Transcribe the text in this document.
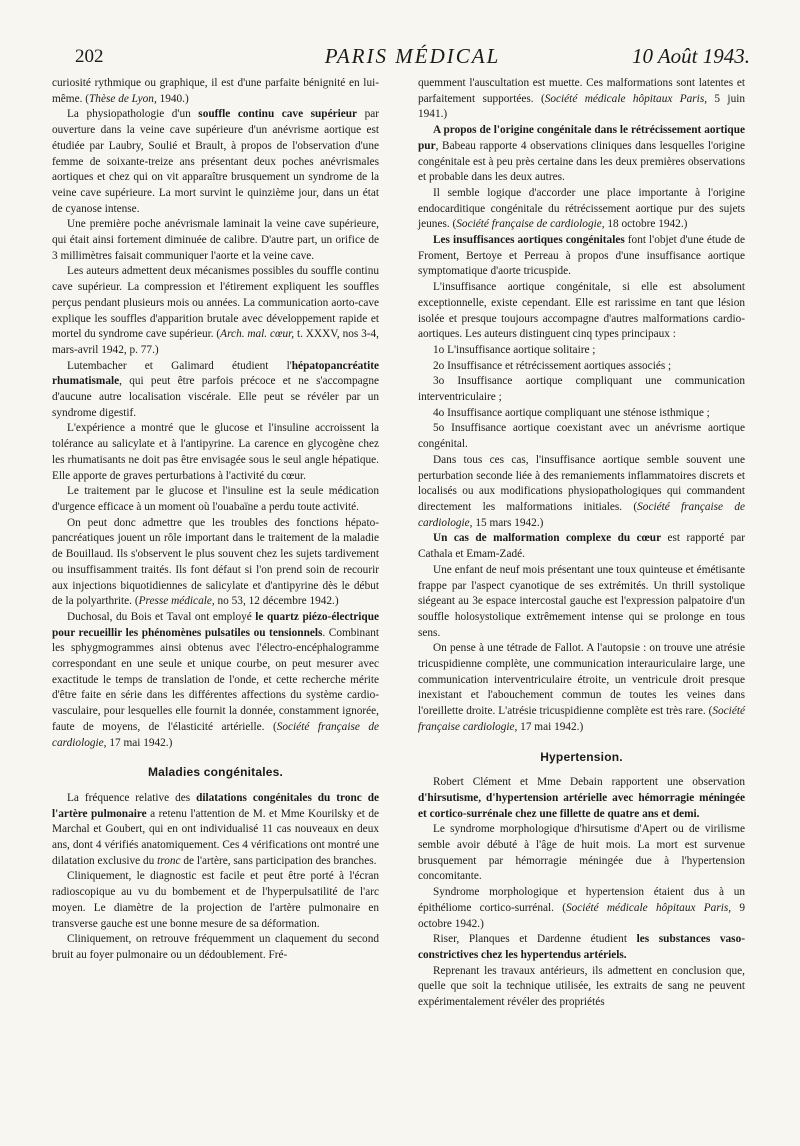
202	PARIS MÉDICAL	10 Août 1943.

curiosité rythmique ou graphique, il est d'une parfaite bénignité en lui-même. (Thèse de Lyon, 1940.)

La physiopathologie d'un souffle continu cave supérieur par ouverture dans la veine cave supérieure d'un anévrisme aortique est étudiée par Laubry, Soulié et Brault, à propos de l'observation d'une femme de soixante-treize ans présentant deux poches anévrismales aortiques et chez qui on vit apparaître brusquement un syndrome de la veine cave supérieure. La mort survint le quinzième jour, dans un état de cyanose intense.

Une première poche anévrismale laminait la veine cave supérieure, qui était ainsi fortement diminuée de calibre. D'autre part, un orifice de 3 millimètres faisait communiquer l'aorte et la veine cave.

Les auteurs admettent deux mécanismes possibles du souffle continu cave supérieur. La compression et l'étirement expliquent les souffles perçus pendant plusieurs mois ou années. La communication aorto-cave explique les souffles d'apparition brutale avec développement rapide et mortel du syndrome cave supérieur. (Arch. mal. cœur, t. XXXV, nos 3-4, mars-avril 1942, p. 77.)

Lutembacher et Galimard étudient l'hépatopancréatite rhumatismale, qui peut être parfois précoce et ne s'accompagne d'aucune autre localisation viscérale. Elle peut se révéler par un syndrome digestif.

L'expérience a montré que le glucose et l'insuline accroissent la tolérance au salicylate et à l'antipyrine. La carence en glycogène chez les rhumatisants ne doit pas être envisagée sous le seul angle hépatique. Elle apporte de graves perturbations à l'activité du cœur.

Le traitement par le glucose et l'insuline est la seule médication d'urgence efficace à un moment où l'ouabaïne a perdu toute activité.

On peut donc admettre que les troubles des fonctions hépato-pancréatiques jouent un rôle important dans le traitement de la maladie de Bouillaud. Ils s'observent le plus souvent chez les sujets tardivement ou insuffisamment traités. Ils font défaut si l'on prend soin de recourir aux injections biquotidiennes de salicylate et d'antipyrine dès le début de la polyarthrite. (Presse médicale, no 53, 12 décembre 1942.)

Duchosal, du Bois et Taval ont employé le quartz piézo-électrique pour recueillir les phénomènes pulsatiles ou tensionnels. Combinant les sphygmogrammes ainsi obtenus avec l'électro-encéphalogramme correspondant en une seule et unique courbe, on peut mesurer avec exactitude le temps de translation de l'onde, et cette recherche mérite d'être faite en série dans les différentes affections du système cardio-vasculaire, pour lesquelles elle fournit la donnée, constamment ignorée, faute de moyens, de l'élasticité artérielle. (Société française de cardiologie, 17 mai 1942.)

Maladies congénitales.

La fréquence relative des dilatations congénitales du tronc de l'artère pulmonaire a retenu l'attention de M. et Mme Kourilsky et de Marchal et Goubert, qui en ont individualisé 11 cas nouveaux en deux ans, dont 4 vérifiés anatomiquement. Ces 4 vérifications ont montré une dilatation exclusive du tronc de l'artère, sans participation des branches.

Cliniquement, le diagnostic est facile et peut être porté à l'écran radioscopique au vu du bombement et de l'hyperpulsatilité de l'arc moyen. Le diamètre de la projection de l'artère pulmonaire en transverse gauche est une bonne mesure de sa déformation.

Cliniquement, on retrouve fréquemment un claquement du second bruit au foyer pulmonaire ou un dédoublement. Fré-

quemment l'auscultation est muette. Ces malformations sont latentes et parfaitement supportées. (Société médicale hôpitaux Paris, 5 juin 1941.)

A propos de l'origine congénitale dans le rétrécissement aortique pur, Babeau rapporte 4 observations cliniques dans lesquelles l'origine congénitale est à peu près certaine dans les deux premières observations et probable dans les deux autres.

Il semble logique d'accorder une place importante à l'origine endocarditique congénitale du rétrécissement aortique pur des sujets jeunes. (Société française de cardiologie, 18 octobre 1942.)

Les insuffisances aortiques congénitales font l'objet d'une étude de Froment, Bertoye et Perreau à propos d'une insuffisance aortique symptomatique d'aorte tricuspide.

L'insuffisance aortique congénitale, si elle est absolument exceptionnelle, existe cependant. Elle est rarissime en tant que lésion isolée et presque toujours accompagne d'autres malformations cardio-aortiques. Les auteurs distinguent cinq types principaux :

1o L'insuffisance aortique solitaire ;

2o Insuffisance et rétrécissement aortiques associés ;

3o Insuffisance aortique compliquant une communication interventriculaire ;

4o Insuffisance aortique compliquant une sténose isthmique ;

5o Insuffisance aortique coexistant avec un anévrisme aortique congénital.

Dans tous ces cas, l'insuffisance aortique semble souvent une perturbation seconde liée à des remaniements inflammatoires discrets et localisés ou aux modifications physiopathologiques qui commandent directement les malformations initiales. (Société française de cardiologie, 15 mars 1942.)

Un cas de malformation complexe du cœur est rapporté par Cathala et Emam-Zadé.

Une enfant de neuf mois présentant une toux quinteuse et émétisante frappe par l'aspect cyanotique de ses extrémités. Un thrill systolique siégeant au 3e espace intercostal gauche est l'expression palpatoire d'un souffle holosystolique extrêmement intense qui se prolonge en tous sens.

On pense à une tétrade de Fallot. A l'autopsie : on trouve une atrésie tricuspidienne complète, une communication interauriculaire large, une communication interventriculaire étroite, un ventricule droit presque inexistant et l'abouchement commun de toutes les veines dans l'oreillette droite. L'atrésie tricuspidienne complète est très rare. (Société française cardiologie, 17 mai 1942.)

Hypertension.

Robert Clément et Mme Debain rapportent une observation d'hirsutisme, d'hypertension artérielle avec hémorragie méningée et cortico-surrénale chez une fillette de quatre ans et demi.

Le syndrome morphologique d'hirsutisme d'Apert ou de virilisme semble avoir débuté à l'âge de huit mois. La mort est survenue brusquement par hémorragie méningée due à l'hypertension concomitante.

Syndrome morphologique et hypertension étaient dus à un épithéliome cortico-surrénal. (Société médicale hôpitaux Paris, 9 octobre 1942.)

Riser, Planques et Dardenne étudient les substances vaso-constrictives chez les hypertendus artériels.

Reprenant les travaux antérieurs, ils admettent en conclusion que, quelle que soit la technique utilisée, les extraits de sang ne peuvent expérimentalement révéler des propriétés
